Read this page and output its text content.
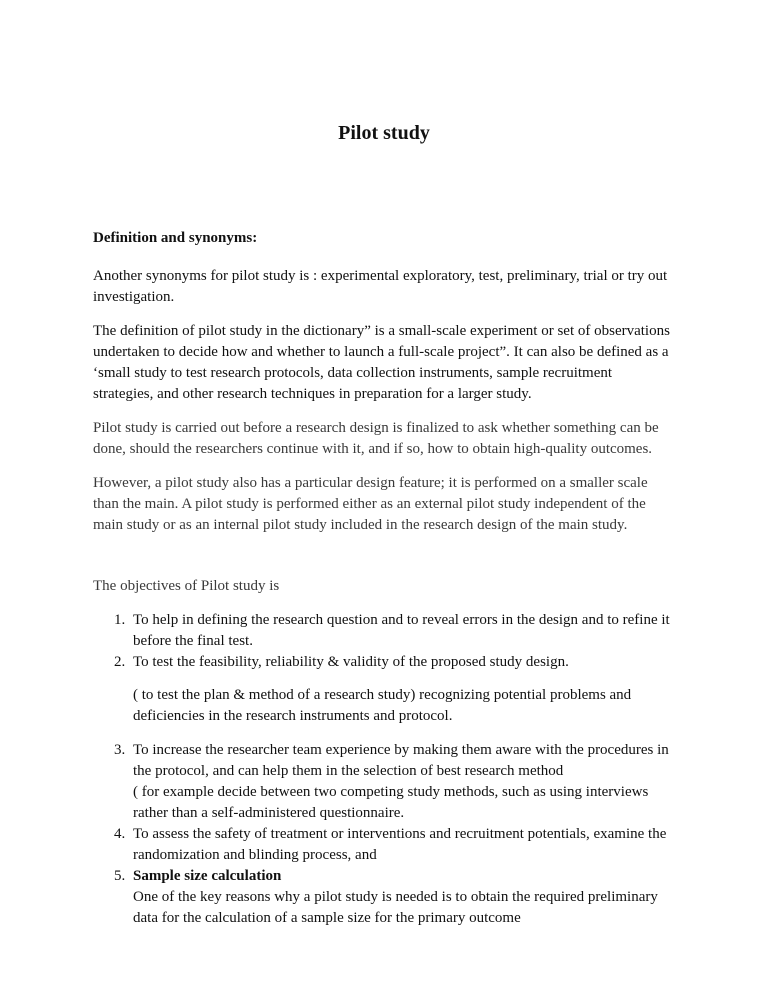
Pilot study
Definition and synonyms:

Another synonyms for pilot study is : experimental exploratory, test, preliminary, trial or try out investigation.

The definition of pilot study in the dictionary” is a small-scale experiment or set of observations undertaken to decide how and whether to launch a full-scale project”. It can also be defined as a ‘small study to test research protocols, data collection instruments, sample recruitment strategies, and other research techniques in preparation for a larger study.

Pilot study is carried out before a research design is finalized to ask whether something can be done, should the researchers continue with it, and if so, how to obtain high-quality outcomes.

However, a pilot study also has a particular design feature; it is performed on a smaller scale than the main. A pilot study is performed either as an external pilot study independent of the main study or as an internal pilot study included in the research design of the main study.

The objectives of Pilot study is
1. To help in defining the research question and to reveal errors in the design and to refine it before the final test.
2. To test the feasibility, reliability & validity of the proposed study design.
( to test the plan & method of a research study) recognizing potential problems and deficiencies in the research instruments and protocol.
3. To increase the researcher team experience by making them aware with the procedures in the protocol, and can help them in the selection of best research method
( for example decide between two competing study methods, such as using interviews rather than a self-administered questionnaire.
4. To assess the safety of treatment or interventions and recruitment potentials, examine the randomization and blinding process, and
5. Sample size calculation
One of the key reasons why a pilot study is needed is to obtain the required preliminary data for the calculation of a sample size for the primary outcome
